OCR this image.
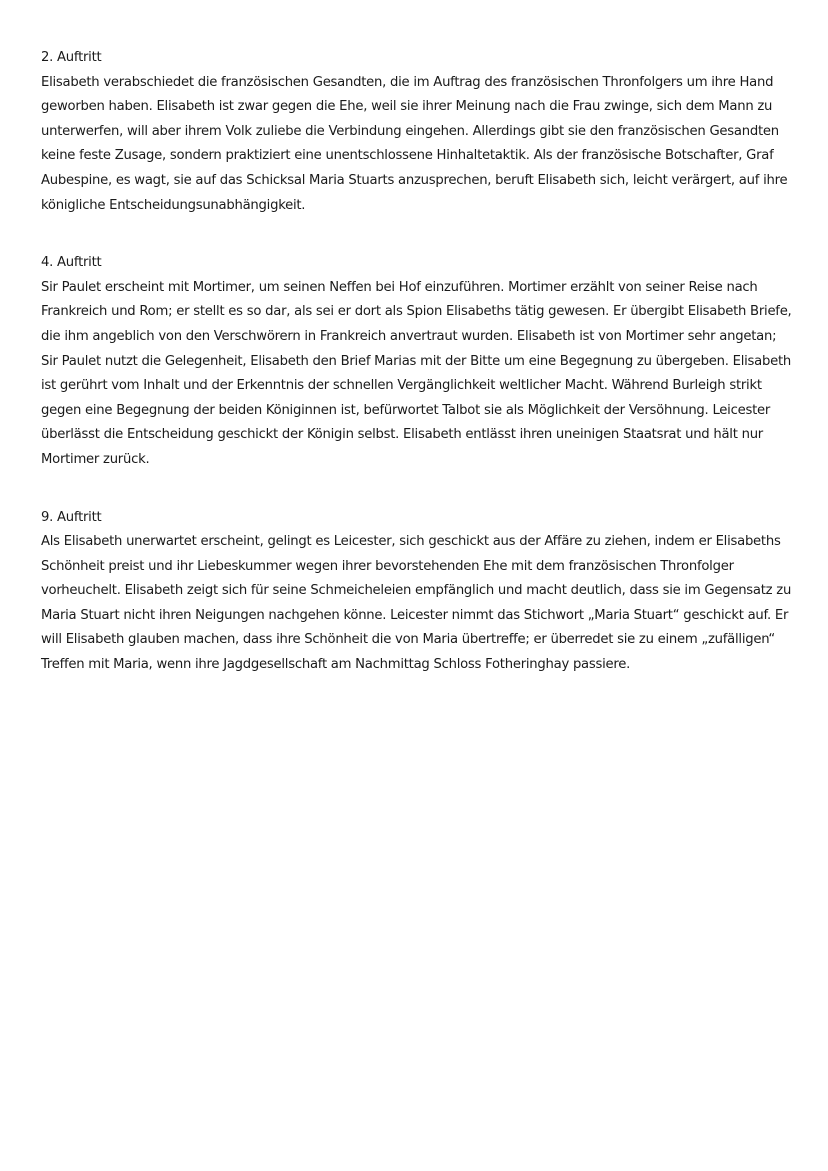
2. Auftritt

Elisabeth verabschiedet die französischen Gesandten, die im Auftrag des französischen Thronfolgers um ihre Hand geworben haben. Elisabeth ist zwar gegen die Ehe, weil sie ihrer Meinung nach die Frau zwinge, sich dem Mann zu unterwerfen, will aber ihrem Volk zuliebe die Verbindung eingehen. Allerdings gibt sie den französischen Gesandten keine feste Zusage, sondern praktiziert eine unentschlossene Hinhaltetaktik. Als der französische Botschafter, Graf Aubespine, es wagt, sie auf das Schicksal Maria Stuarts anzusprechen, beruft Elisabeth sich, leicht verärgert, auf ihre königliche Entscheidungsunabhängigkeit.

4. Auftritt

Sir Paulet erscheint mit Mortimer, um seinen Neffen bei Hof einzuführen. Mortimer erzählt von seiner Reise nach Frankreich und Rom; er stellt es so dar, als sei er dort als Spion Elisabeths tätig gewesen. Er übergibt Elisabeth Briefe, die ihm angeblich von den Verschwörern in Frankreich anvertraut wurden. Elisabeth ist von Mortimer sehr angetan; Sir Paulet nutzt die Gelegenheit, Elisabeth den Brief Marias mit der Bitte um eine Begegnung zu übergeben. Elisabeth ist gerührt vom Inhalt und der Erkenntnis der schnellen Vergänglichkeit weltlicher Macht. Während Burleigh strikt gegen eine Begegnung der beiden Königinnen ist, befürwortet Talbot sie als Möglichkeit der Versöhnung. Leicester überlässt die Entscheidung geschickt der Königin selbst. Elisabeth entlässt ihren uneinigen Staatsrat und hält nur Mortimer zurück.

9. Auftritt

Als Elisabeth unerwartet erscheint, gelingt es Leicester, sich geschickt aus der Affäre zu ziehen, indem er Elisabeths Schönheit preist und ihr Liebeskummer wegen ihrer bevorstehenden Ehe mit dem französischen Thronfolger vorheuchelt. Elisabeth zeigt sich für seine Schmeicheleien empfänglich und macht deutlich, dass sie im Gegensatz zu Maria Stuart nicht ihren Neigungen nachgehen könne. Leicester nimmt das Stichwort „Maria Stuart“ geschickt auf. Er will Elisabeth glauben machen, dass ihre Schönheit die von Maria übertreffe; er überredet sie zu einem „zufälligen“ Treffen mit Maria, wenn ihre Jagdgesellschaft am Nachmittag Schloss Fotheringhay passiere.
